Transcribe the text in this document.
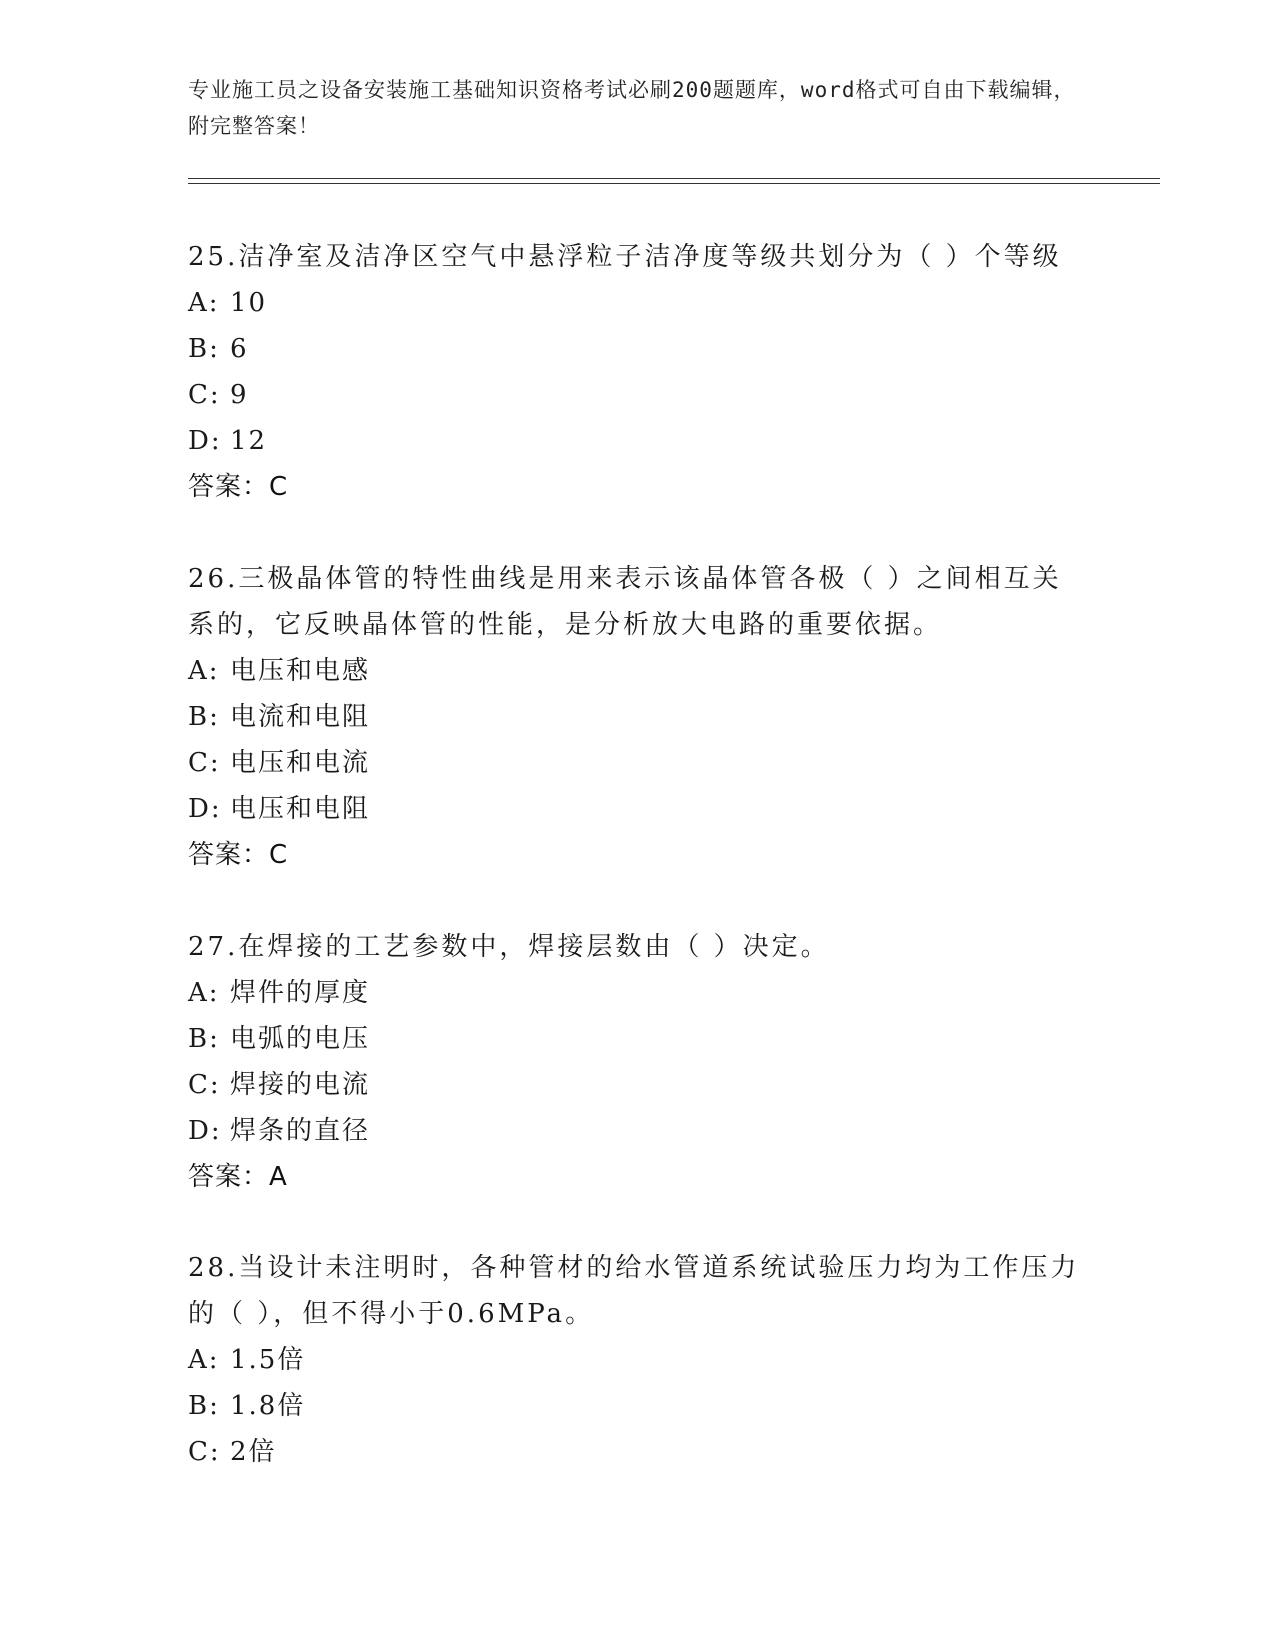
专业施工员之设备安装施工基础知识资格考试必刷200题题库，word格式可自由下载编辑，附完整答案！

25.洁净室及洁净区空气中悬浮粒子洁净度等级共划分为（ ）个等级

A: 10

B: 6

C: 9

D: 12

答案：C

26.三极晶体管的特性曲线是用来表示该晶体管各极（ ）之间相互关系的，它反映晶体管的性能，是分析放大电路的重要依据。

A: 电压和电感

B: 电流和电阻

C: 电压和电流

D: 电压和电阻

答案：C

27.在焊接的工艺参数中，焊接层数由（ ）决定。

A: 焊件的厚度

B: 电弧的电压

C: 焊接的电流

D: 焊条的直径

答案：A

28.当设计未注明时，各种管材的给水管道系统试验压力均为工作压力的（ ），但不得小于0.6MPa。

A: 1.5倍

B: 1.8倍

C: 2倍
